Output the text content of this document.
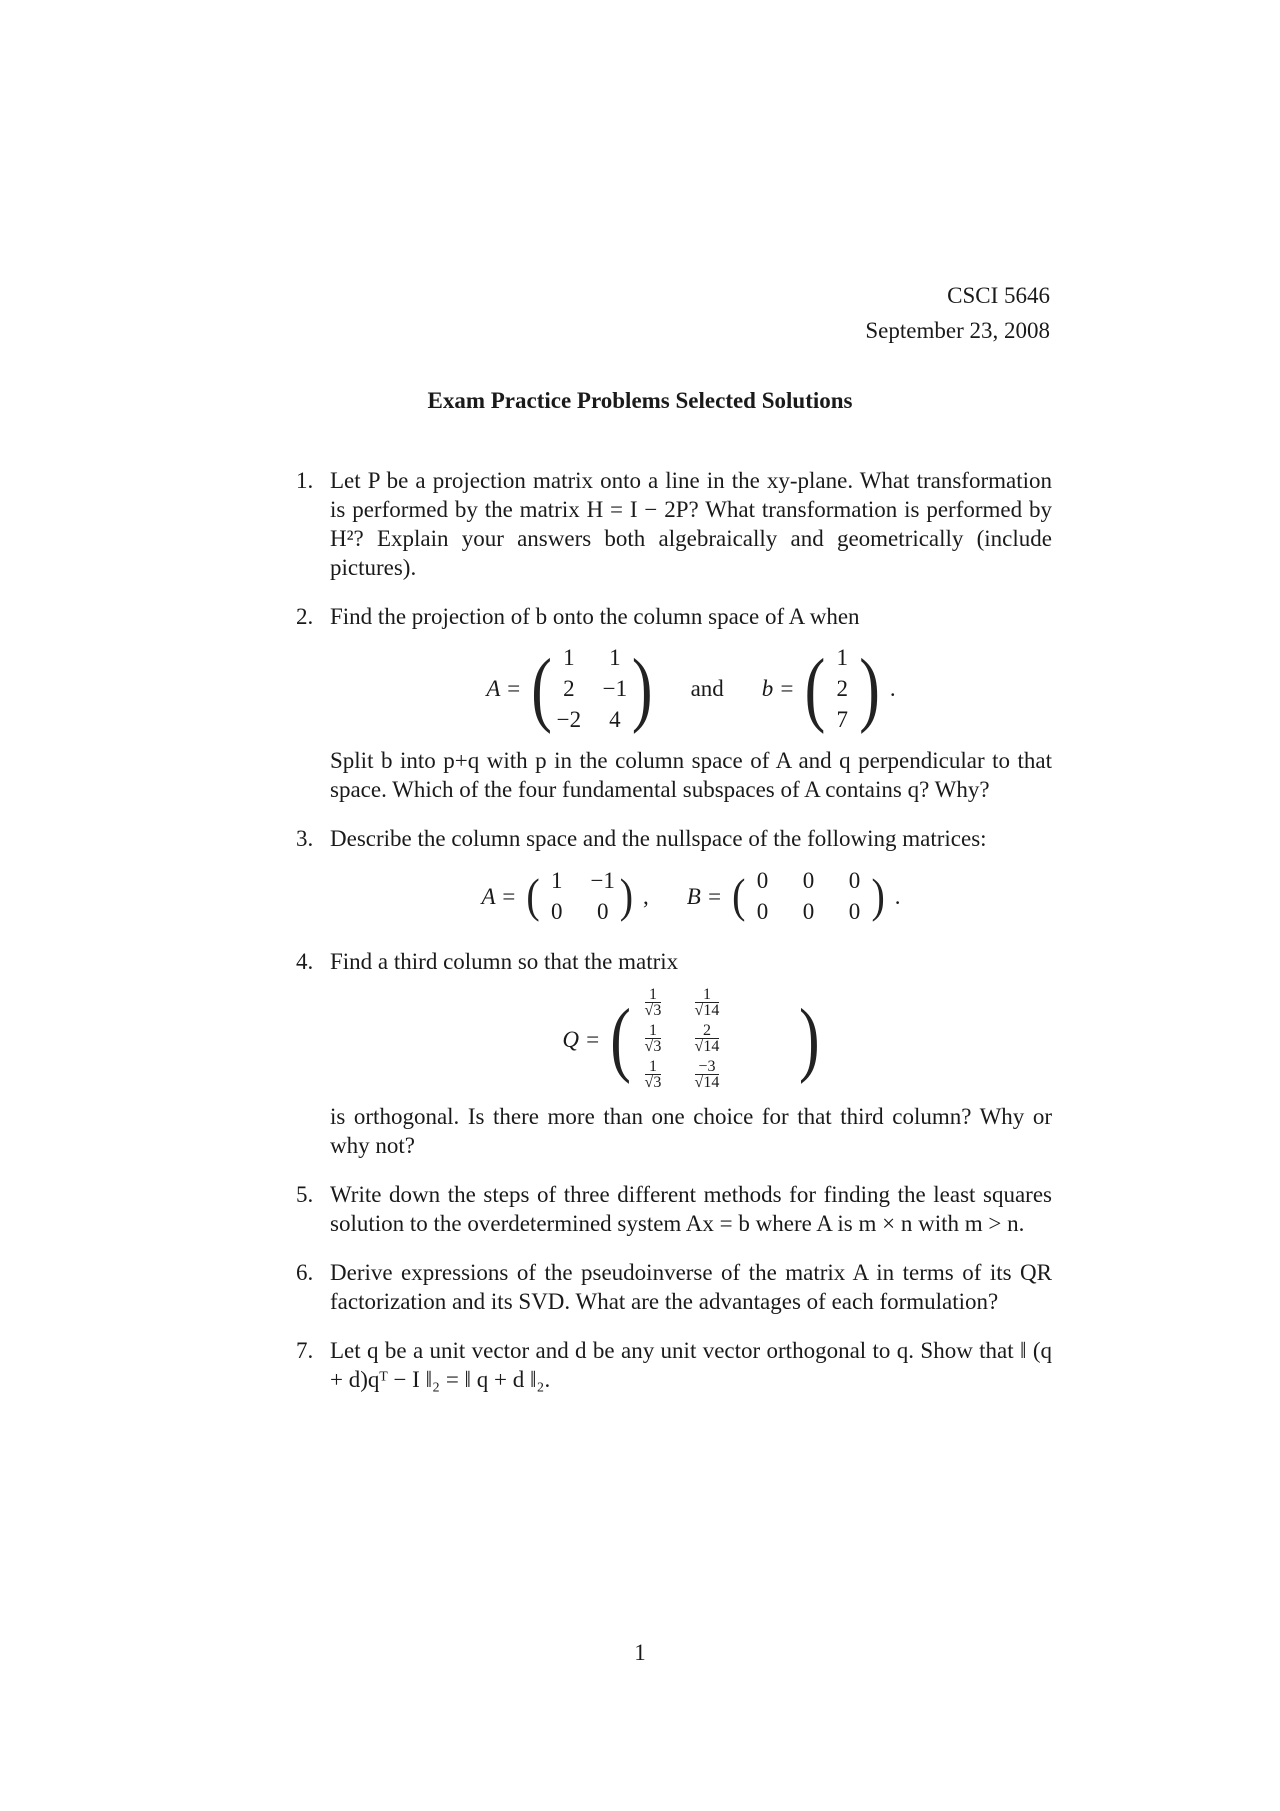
CSCI 5646
September 23, 2008
Exam Practice Problems Selected Solutions
1. Let P be a projection matrix onto a line in the xy-plane. What transformation is performed by the matrix H = I − 2P? What transformation is performed by H²? Explain your answers both algebraically and geometrically (include pictures).
2. Find the projection of b onto the column space of A when
A = ( 1	1
2	−1
−2	4 ) and b = ( 1
2
7 ) .
Split b into p+q with p in the column space of A and q perpendicular to that space. Which of the four fundamental subspaces of A contains q? Why?
3. Describe the column space and the nullspace of the following matrices:
A = ( 1	−1
0	0 ) , B = ( 0	0	0
0	0	0 ) .
4. Find a third column so that the matrix
Q = ( $\frac{1}{√3} \frac{1}{√14}$
$\frac{1}{√3} \frac{2}{√14}$
$\frac{1}{√3} \frac{-3}{√14}$ )
is orthogonal. Is there more than one choice for that third column? Why or why not?
5. Write down the steps of three different methods for finding the least squares solution to the overdetermined system Ax = b where A is m × n with m > n.
6. Derive expressions of the pseudoinverse of the matrix A in terms of its QR factorization and its SVD. What are the advantages of each formulation?
7. Let q be a unit vector and d be any unit vector orthogonal to q. Show that ‖ (q + d)qᵀ − I ‖₂ = ‖ q + d ‖₂.
1
